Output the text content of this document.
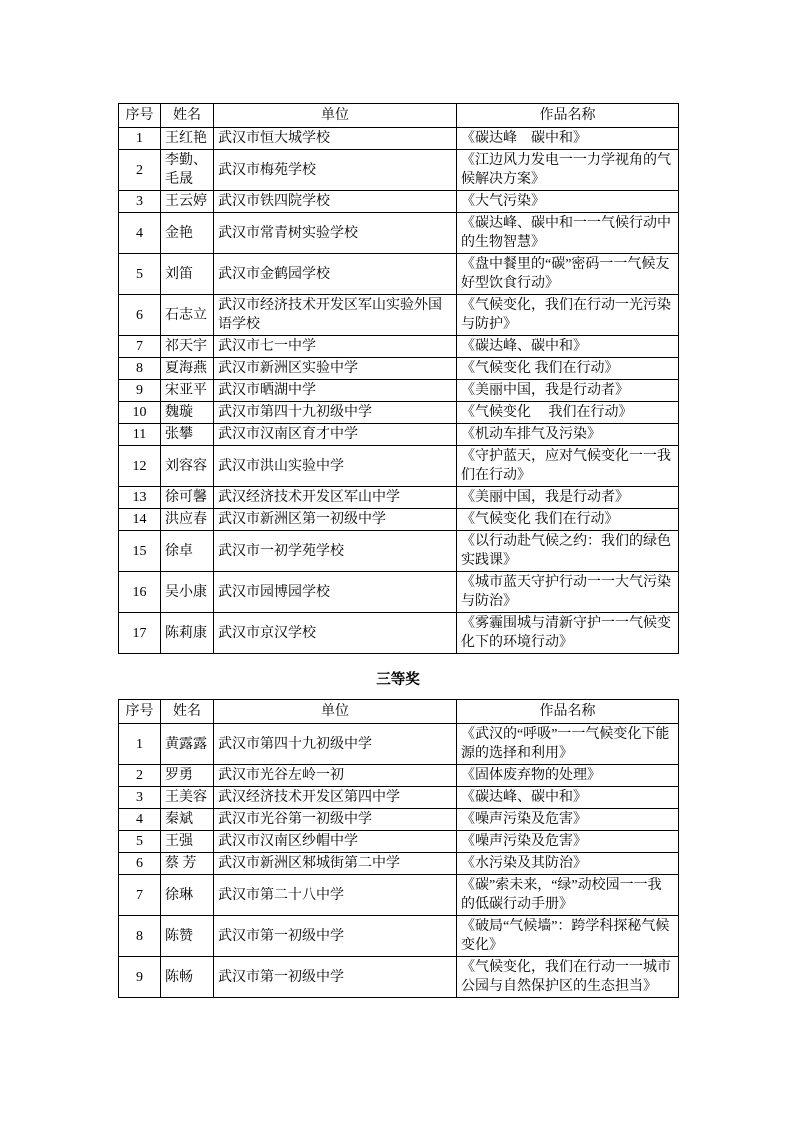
序号	姓名	单位	作品名称
1	王红艳	武汉市恒大城学校	《碳达峰　碳中和》
2	李勤、毛晟	武汉市梅苑学校	《江边风力发电一一力学视角的气候解决方案》
3	王云婷	武汉市铁四院学校	《大气污染》
4	金艳	武汉市常青树实验学校	《碳达峰、碳中和一一气候行动中的生物智慧》
5	刘笛	武汉市金鹤园学校	《盘中餐里的“碳”密码一一气候友好型饮食行动》
6	石志立	武汉市经济技术开发区军山实验外国语学校	《气候变化，我们在行动一光污染与防护》
7	祁天宇	武汉市七一中学	《碳达峰、碳中和》
8	夏海燕	武汉市新洲区实验中学	《气候变化 我们在行动》
9	宋亚平	武汉市晒湖中学	《美丽中国，我是行动者》
10	魏璇	武汉市第四十九初级中学	《气候变化　 我们在行动》
11	张攀	武汉市汉南区育才中学	《机动车排气及污染》
12	刘容容	武汉市洪山实验中学	《守护蓝天，应对气候变化一一我们在行动》
13	徐可馨	武汉经济技术开发区军山中学	《美丽中国，我是行动者》
14	洪应春	武汉市新洲区第一初级中学	《气候变化 我们在行动》
15	徐卓	武汉市一初学苑学校	《以行动赴气候之约：我们的绿色实践课》
16	吴小康	武汉市园博园学校	《城市蓝天守护行动一一大气污染与防治》
17	陈莉康	武汉市京汉学校	《雾霾围城与清新守护一一气候变化下的环境行动》
三等奖
序号	姓名	单位	作品名称
1	黄露露	武汉市第四十九初级中学	《武汉的“呼吸”一一气候变化下能源的选择和利用》
2	罗勇	武汉市光谷左岭一初	《固体废弃物的处理》
3	王美容	武汉经济技术开发区第四中学	《碳达峰、碳中和》
4	秦斌	武汉市光谷第一初级中学	《噪声污染及危害》
5	王强	武汉市汉南区纱帽中学	《噪声污染及危害》
6	蔡 芳	武汉市新洲区邾城街第二中学	《水污染及其防治》
7	徐琳	武汉市第二十八中学	《碳”索未来，“绿”动校园一一我的低碳行动手册》
8	陈赞	武汉市第一初级中学	《破局“气候墙”：跨学科探秘气候变化》
9	陈畅	武汉市第一初级中学	《气候变化，我们在行动一一城市公园与自然保护区的生态担当》
